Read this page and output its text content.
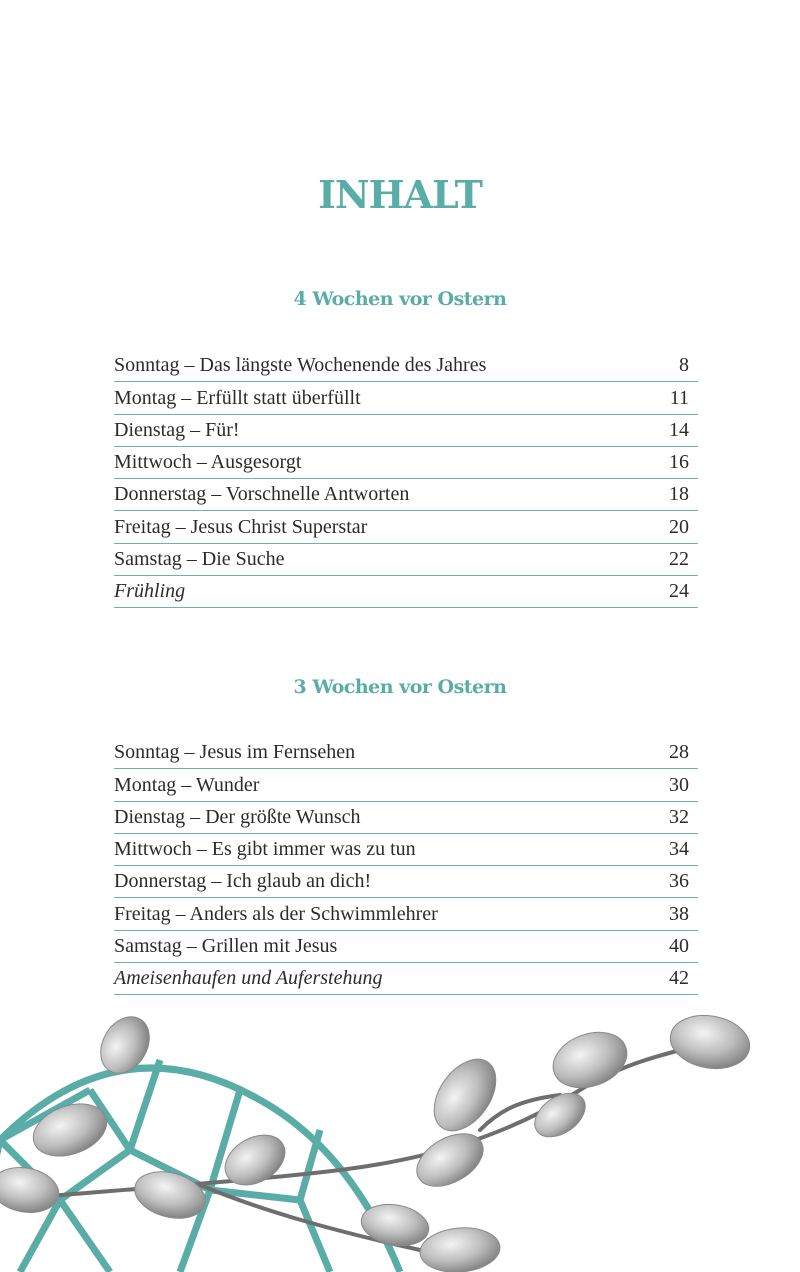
INHALT
4 Wochen vor Ostern
Sonntag – Das längste Wochenende des Jahres	8
Montag – Erfüllt statt überfüllt	11
Dienstag – Für!	14
Mittwoch – Ausgesorgt	16
Donnerstag – Vorschnelle Antworten	18
Freitag – Jesus Christ Superstar	20
Samstag – Die Suche	22
Frühling	24
3 Wochen vor Ostern
Sonntag – Jesus im Fernsehen	28
Montag – Wunder	30
Dienstag – Der größte Wunsch	32
Mittwoch – Es gibt immer was zu tun	34
Donnerstag – Ich glaub an dich!	36
Freitag – Anders als der Schwimmlehrer	38
Samstag – Grillen mit Jesus	40
Ameisenhaufen und Auferstehung	42
